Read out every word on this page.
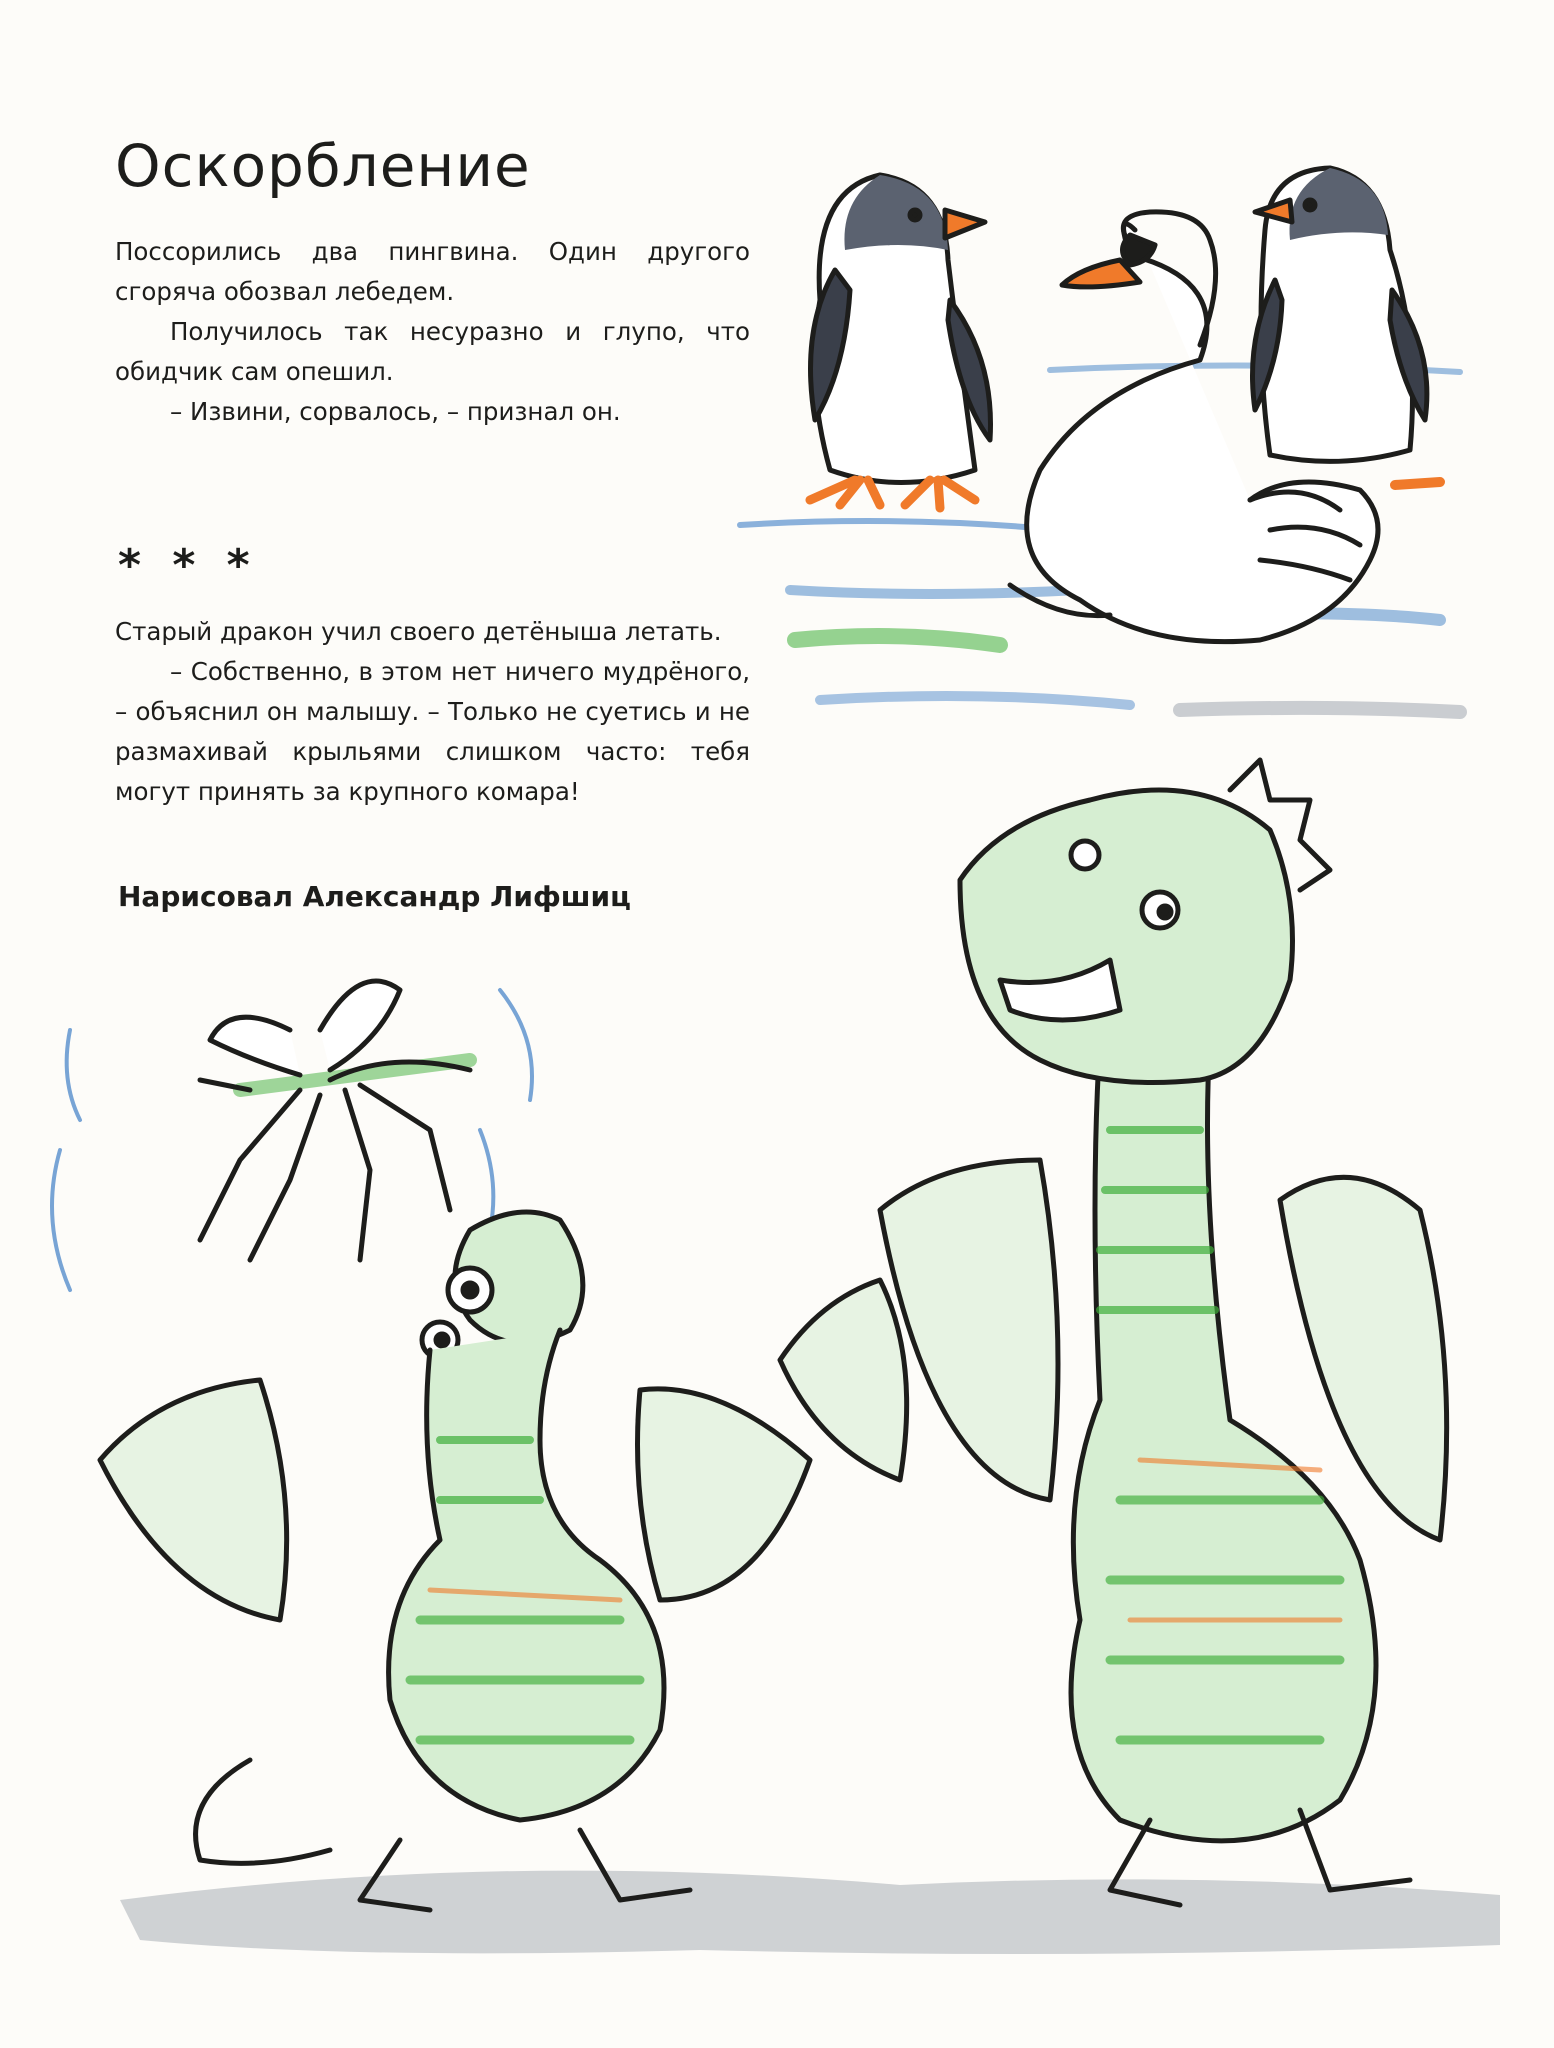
Оскорбление

Поссорились два пингвина. Один другого сгоряча обозвал лебедем.

Получилось так несуразно и глупо, что обидчик сам опешил.

– Извини, сорвалось, – признал он.

* * *

Старый дракон учил своего детёныша летать.

– Собственно, в этом нет ничего мудрёного, – объяснил он малышу. – Только не суетись и не размахивай крыльями слишком часто: тебя могут принять за крупного комара!

Нарисовал Александр Лифшиц
